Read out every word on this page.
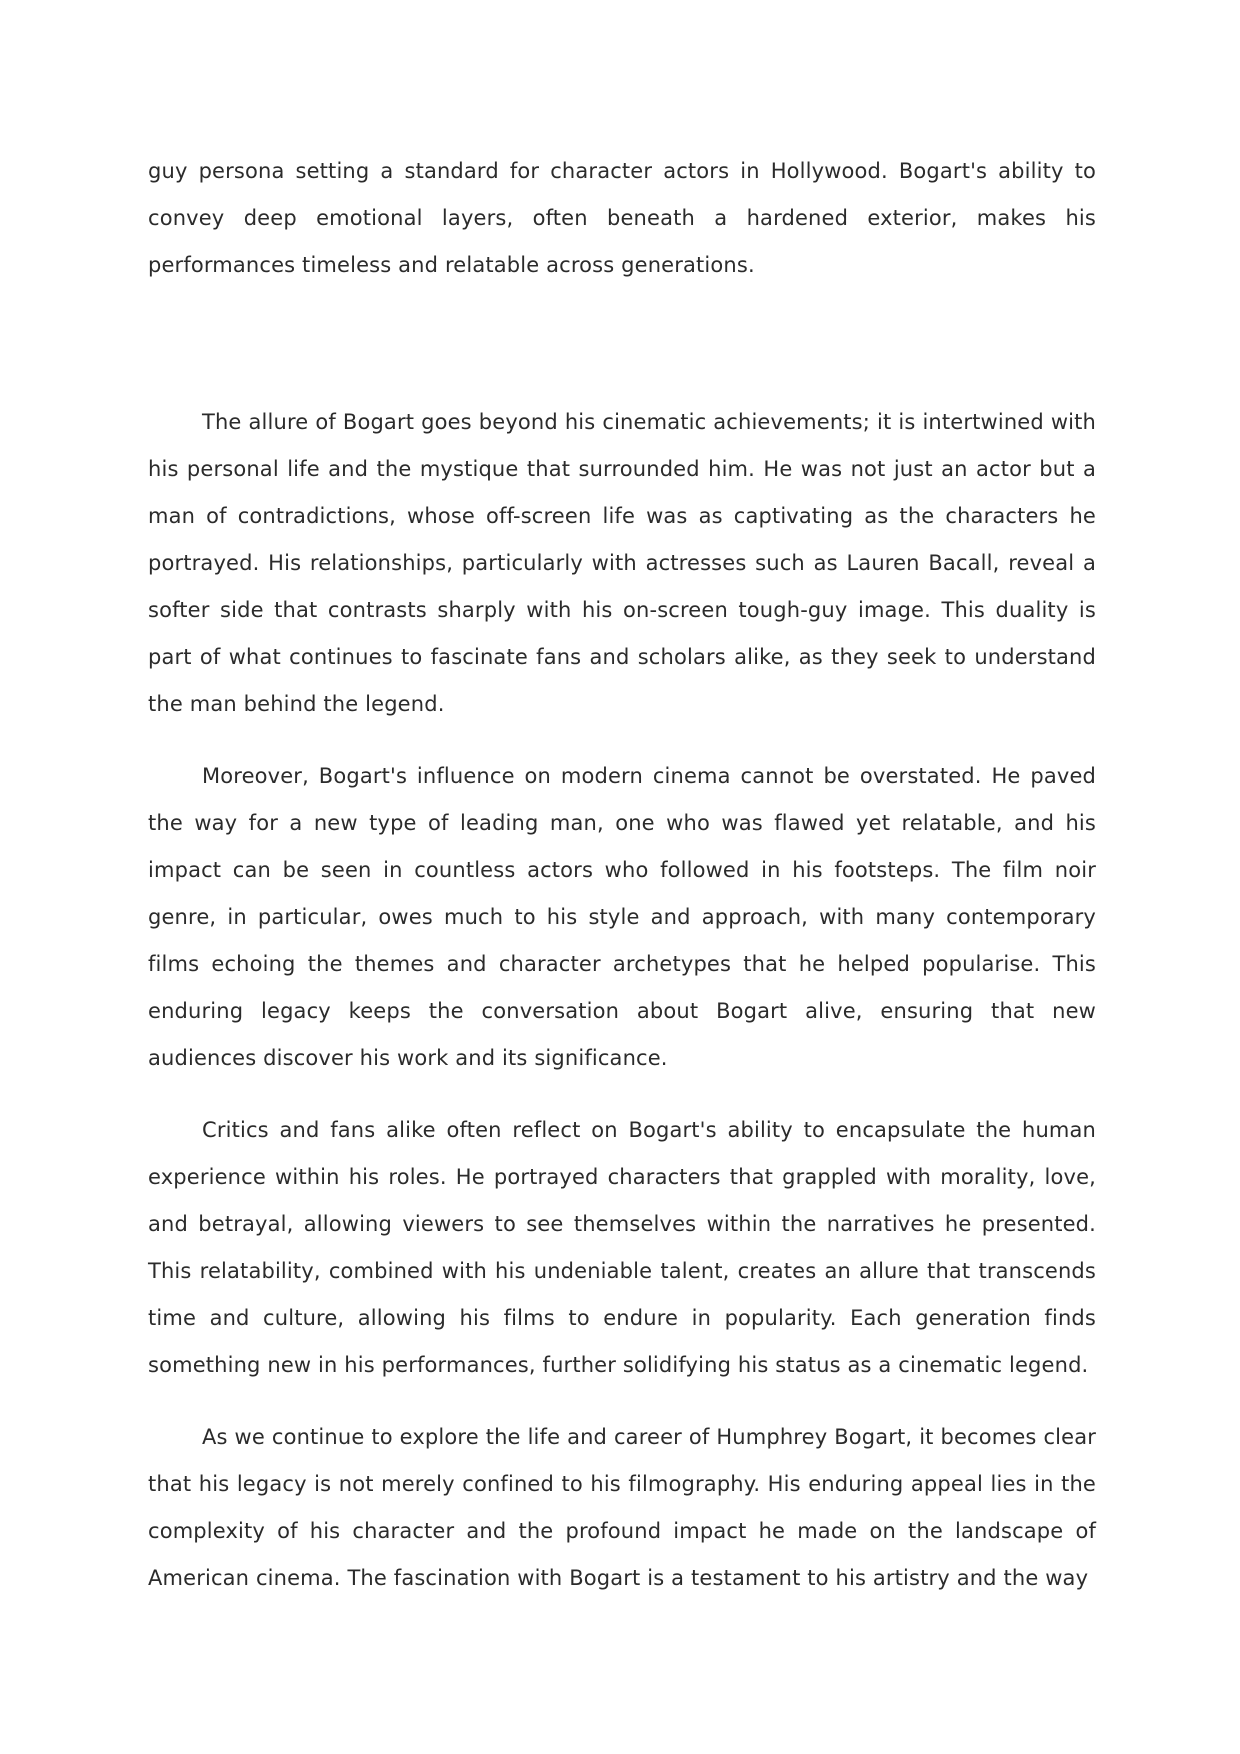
guy persona setting a standard for character actors in Hollywood. Bogart's ability to convey deep emotional layers, often beneath a hardened exterior, makes his performances timeless and relatable across generations.

The allure of Bogart goes beyond his cinematic achievements; it is intertwined with his personal life and the mystique that surrounded him. He was not just an actor but a man of contradictions, whose off-screen life was as captivating as the characters he portrayed. His relationships, particularly with actresses such as Lauren Bacall, reveal a softer side that contrasts sharply with his on-screen tough-guy image. This duality is part of what continues to fascinate fans and scholars alike, as they seek to understand the man behind the legend.

Moreover, Bogart's influence on modern cinema cannot be overstated. He paved the way for a new type of leading man, one who was flawed yet relatable, and his impact can be seen in countless actors who followed in his footsteps. The film noir genre, in particular, owes much to his style and approach, with many contemporary films echoing the themes and character archetypes that he helped popularise. This enduring legacy keeps the conversation about Bogart alive, ensuring that new audiences discover his work and its significance.

Critics and fans alike often reflect on Bogart's ability to encapsulate the human experience within his roles. He portrayed characters that grappled with morality, love, and betrayal, allowing viewers to see themselves within the narratives he presented. This relatability, combined with his undeniable talent, creates an allure that transcends time and culture, allowing his films to endure in popularity. Each generation finds something new in his performances, further solidifying his status as a cinematic legend.

As we continue to explore the life and career of Humphrey Bogart, it becomes clear that his legacy is not merely confined to his filmography. His enduring appeal lies in the complexity of his character and the profound impact he made on the landscape of American cinema. The fascination with Bogart is a testament to his artistry and the way
